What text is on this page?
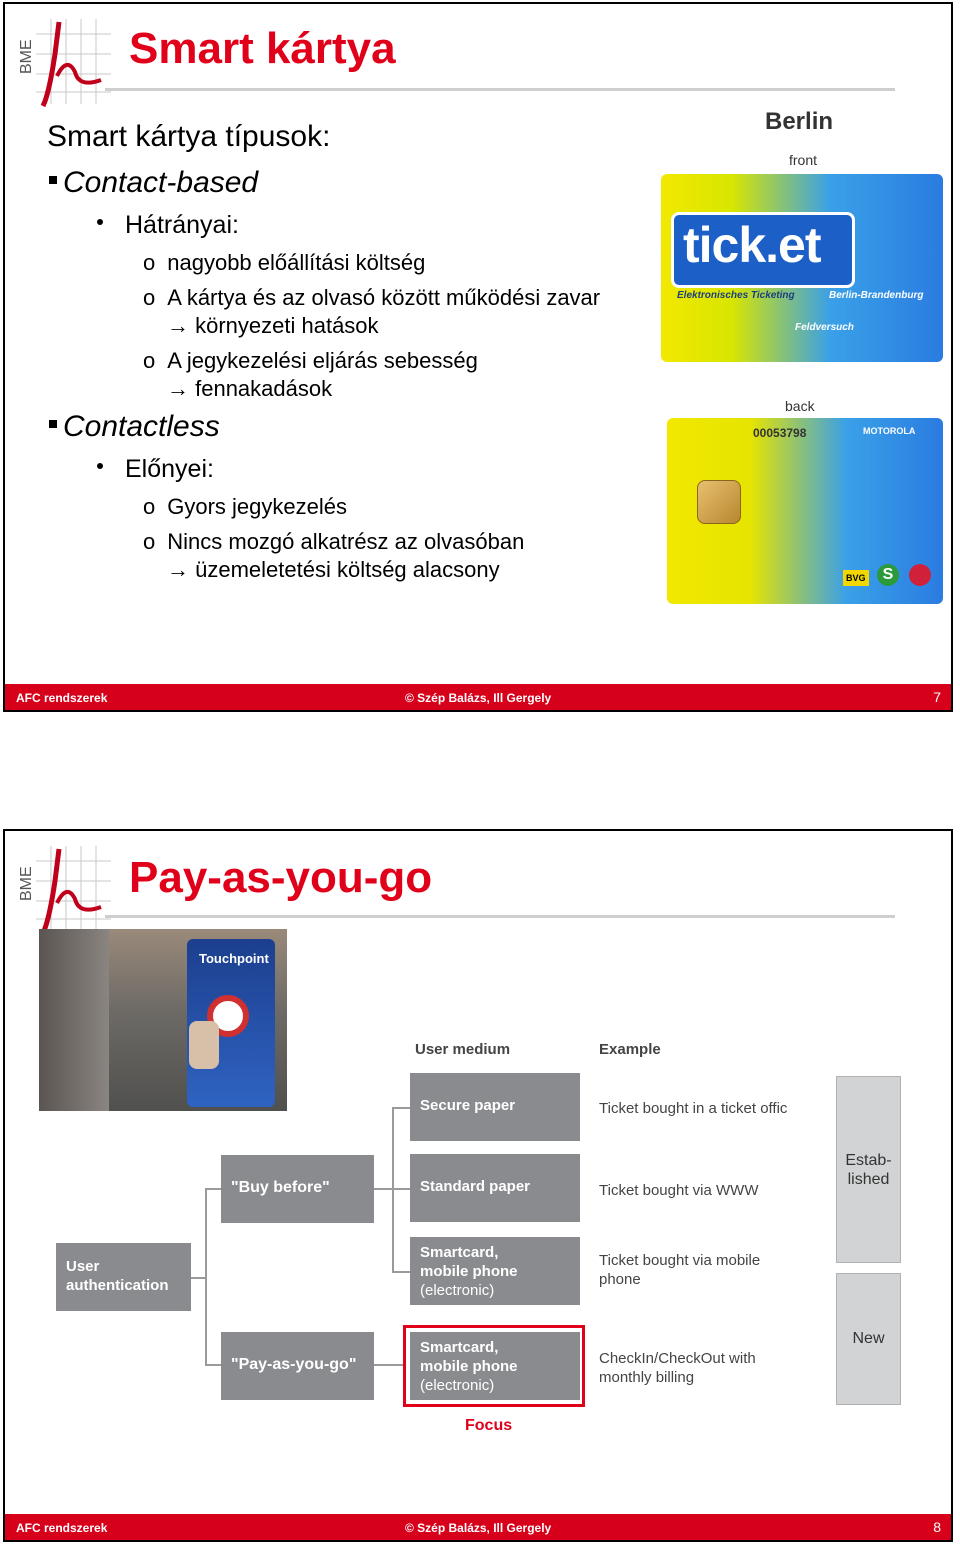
BME Smart kártya
Smart kártya típusok:
Contact-based
Hátrányai:
o nagyobb előállítási költség
o A kártya és az olvasó között működési zavar
→ környezeti hatások
o A jegykezelési eljárás sebesség
→ fennakadások
Contactless
Előnyei:
o Gyors jegykezelés
o Nincs mozgó alkatrész az olvasóban
→ üzemeletetési költség alacsony
Berlin
front
tick.et
Elektronisches Ticketing	Berlin-Brandenburg
Feldversuch
back
00053798	MOTOROLA
BVG	S
AFC rendszerek	© Szép Balázs, Ill Gergely	7
BME Pay-as-you-go
Touchpoint
User medium	Example
User authentication
"Buy before"
"Pay-as-you-go"
Secure paper
Standard paper
Smartcard,
mobile phone
(electronic)
Smartcard,
mobile phone
(electronic)
Focus
Ticket bought in a ticket offic
Ticket bought via WWW
Ticket bought via mobile
phone
CheckIn/CheckOut with
monthly billing
Estab-
lished
New
AFC rendszerek	© Szép Balázs, Ill Gergely	8
